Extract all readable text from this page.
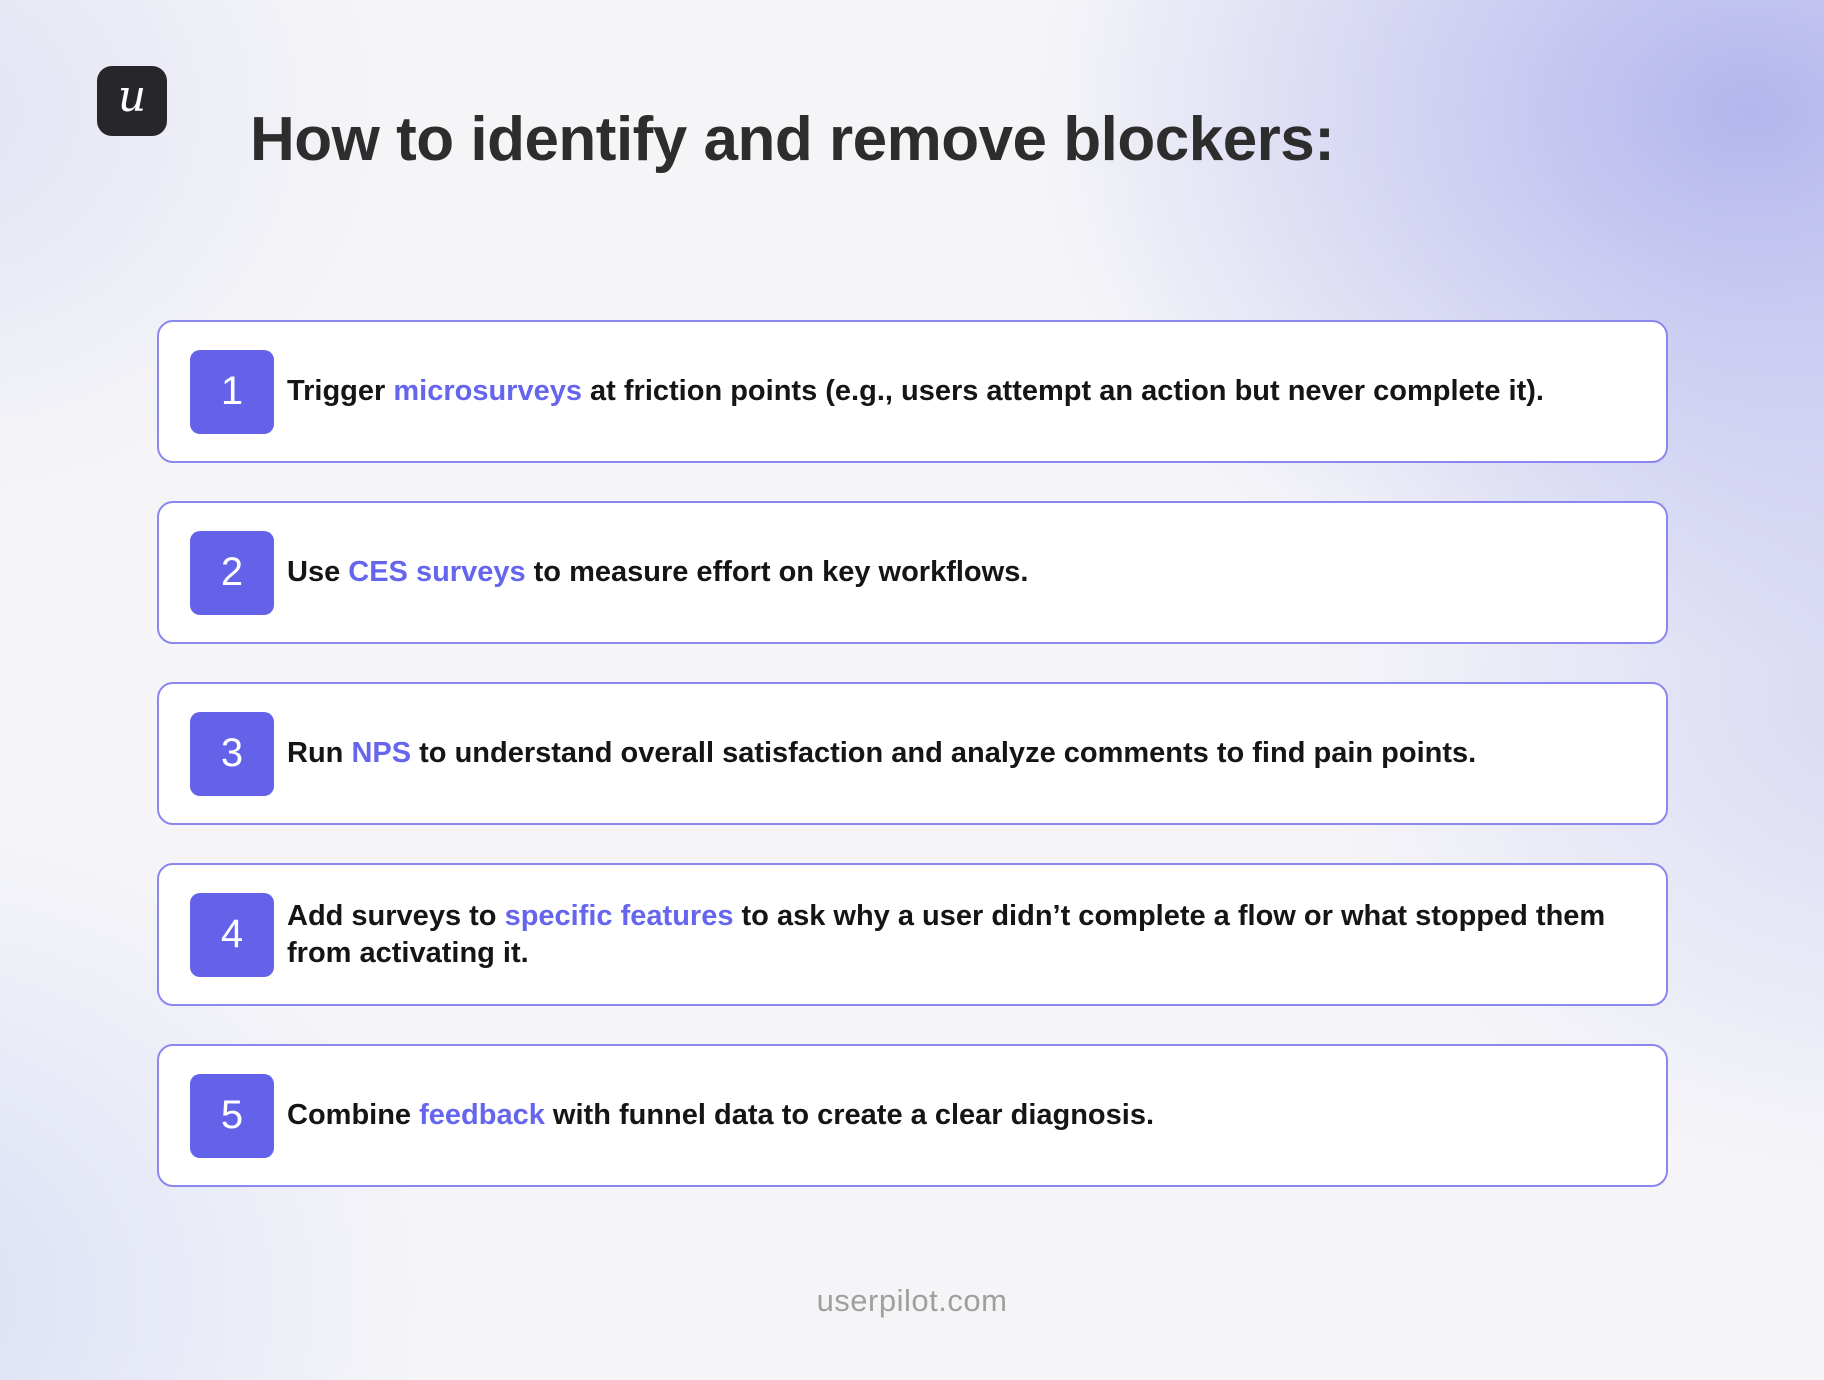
u
How to identify and remove blockers:
1	Trigger microsurveys at friction points (e.g., users attempt an action but never complete it).

2	Use CES surveys to measure effort on key workflows.

3	Run NPS to understand overall satisfaction and analyze comments to find pain points.

4	Add surveys to specific features to ask why a user didn’t complete a flow or what stopped them from activating it.

5	Combine feedback with funnel data to create a clear diagnosis.

userpilot.com
